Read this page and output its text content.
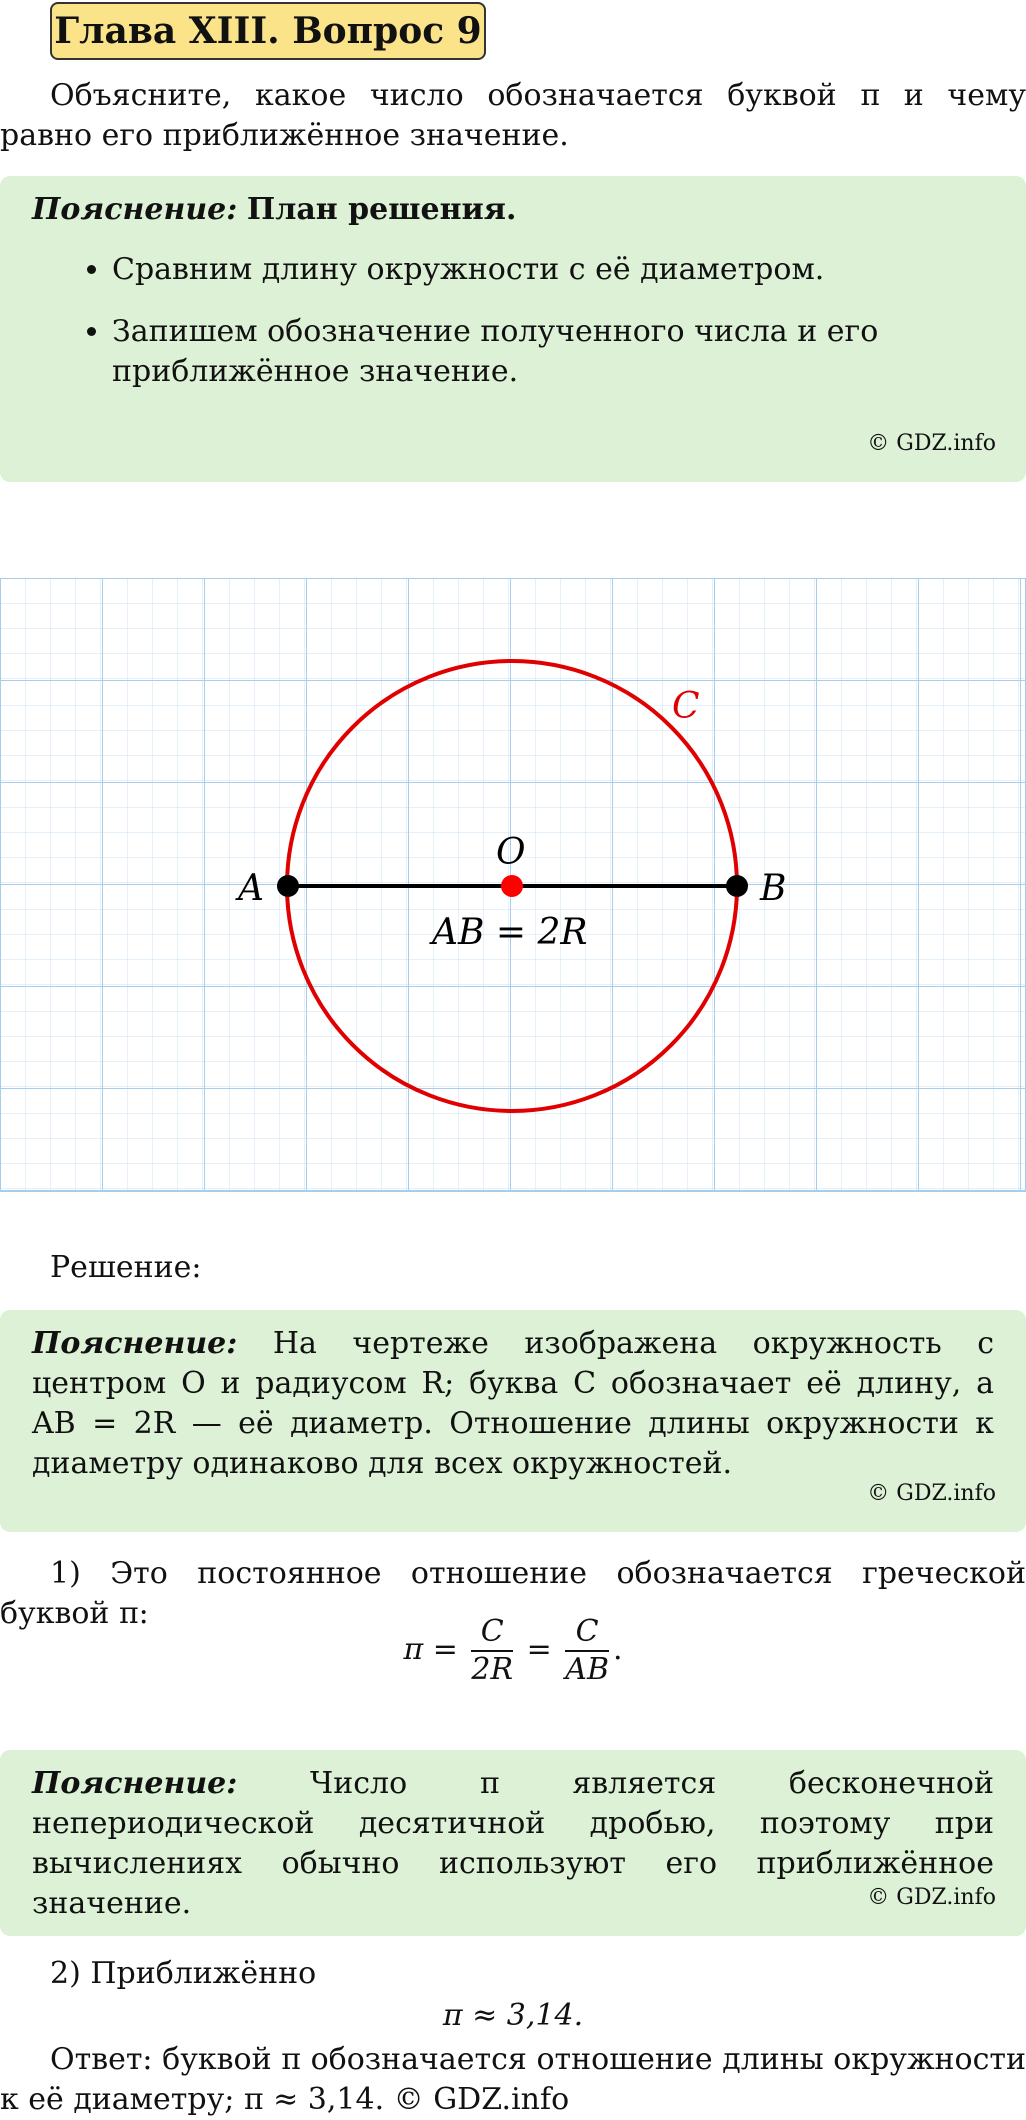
Глава XIII. Вопрос 9
Объясните, какое число обозначается буквой π и чему равно его приближённое значение.
Пояснение: План решения.
• Сравним длину окружности с её диаметром.
• Запишем обозначение полученного числа и его приближённое значение.
© GDZ.info
C
A	B
O
AB = 2R
Решение:
Пояснение: На чертеже изображена окружность с центром O и радиусом R; буква C обозначает её длину, а AB = 2R — её диаметр. Отношение длины окружности к диаметру одинаково для всех окружностей.
© GDZ.info
1) Это постоянное отношение обозначается греческой буквой π:
$\pi = \frac{C}{2R} = \frac{C}{AB}$ .
Пояснение: Число π является бесконечной непериодической десятичной дробью, поэтому при вычислениях обычно используют его приближённое значение.	© GDZ.info
2) Приближённо
π ≈ 3,14.
Ответ: буквой π обозначается отношение длины окружности к её диаметру; π ≈ 3,14. © GDZ.info
